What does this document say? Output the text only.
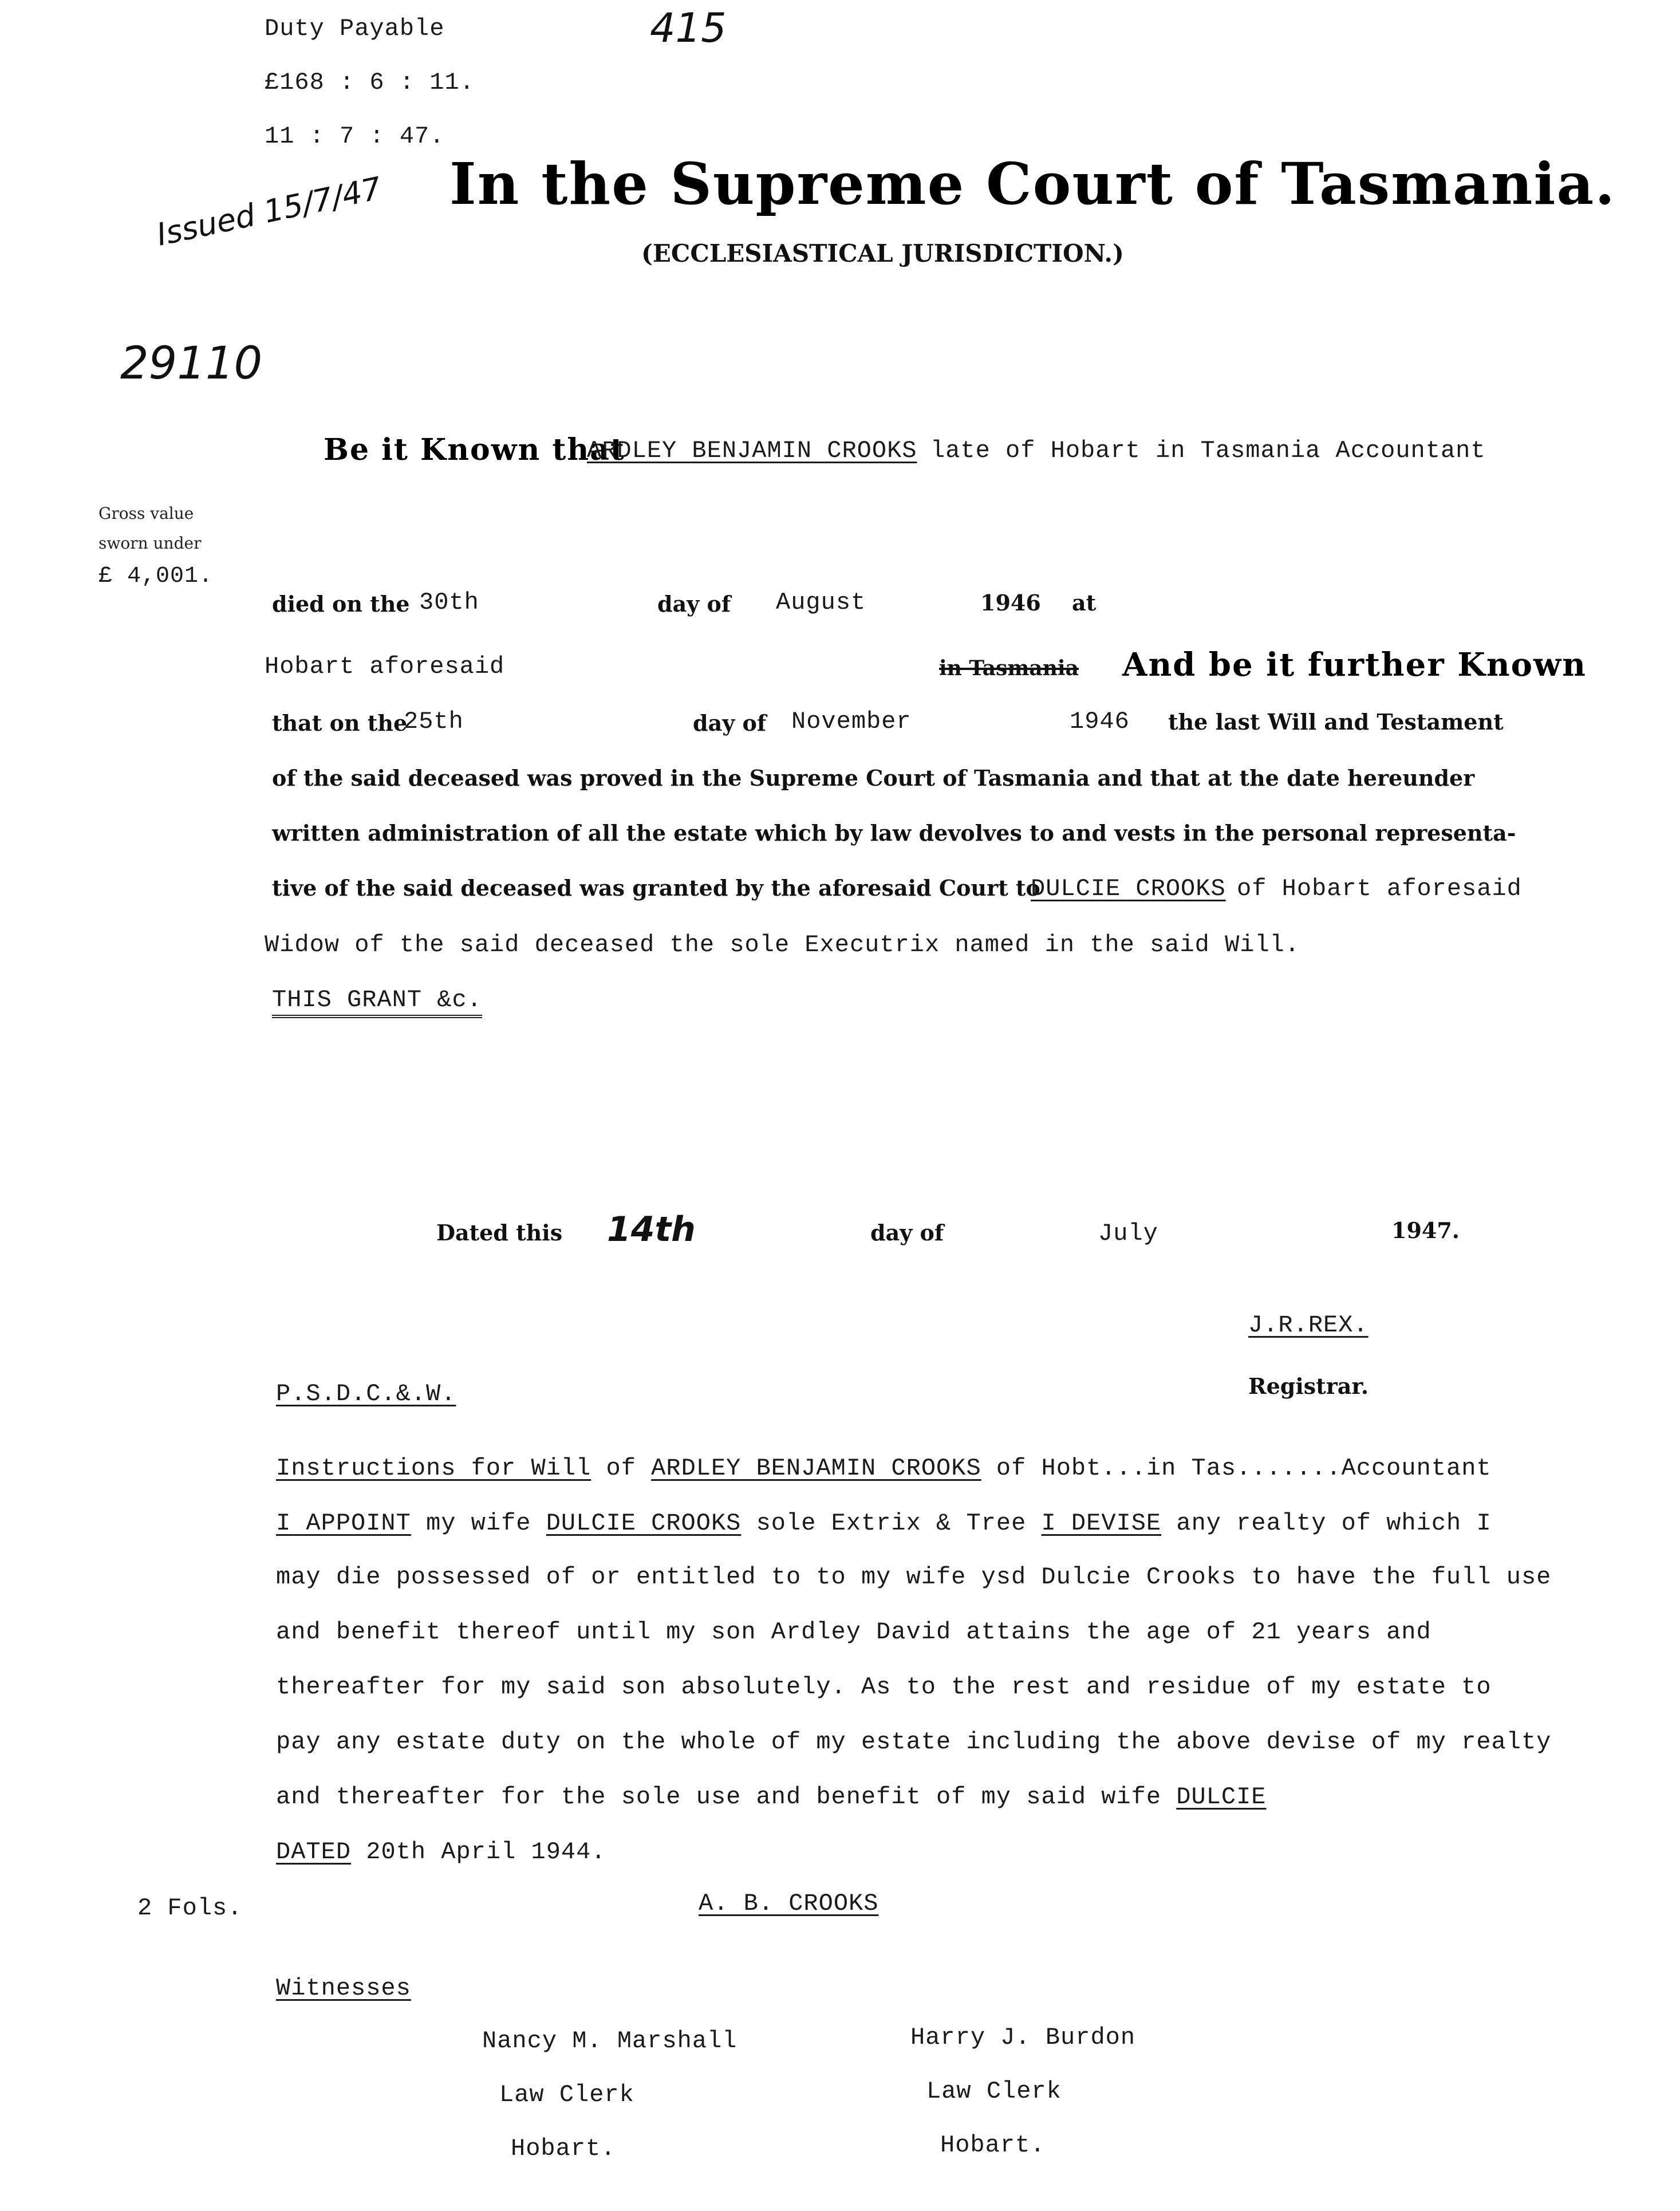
Duty Payable
£168 : 6 : 11.
11 : 7 : 47.
415
In the Supreme Court of Tasmania.
(ECCLESIASTICAL JURISDICTION.)
Issued 15/7/47
29110
Gross value
sworn under
£ 4,001.
Be it Known that
ARDLEY BENJAMIN CROOKS late of Hobart in Tasmania Accountant
died on the 30th	day of August	1946 at
Hobart aforesaid	in Tasmania And be it further Known
that on the
25th	day of November	1946 the last Will and Testament
of the said deceased was proved in the Supreme Court of Tasmania and that at the date hereunder
written administration of all the estate which by law devolves to and vests in the personal representa-
tive of the said deceased was granted by the aforesaid Court to
DULCIE CROOKS of Hobart aforesaid
Widow of the said deceased the sole Executrix named in the said Will.
THIS GRANT &c.
Dated this 14th	day of	July	1947.
J.R.REX.
Registrar.
P.S.D.C.&.W.
Instructions for Will of ARDLEY BENJAMIN CROOKS of Hobt...in Tas.......Accountant
I APPOINT my wife DULCIE CROOKS sole Extrix & Tree I DEVISE any realty of which I
may die possessed of or entitled to to my wife ysd Dulcie Crooks to have the full use
and benefit thereof until my son Ardley David attains the age of 21 years and
thereafter for my said son absolutely. As to the rest and residue of my estate to
pay any estate duty on the whole of my estate including the above devise of my realty
and thereafter for the sole use and benefit of my said wife DULCIE
DATED 20th April 1944.
2 Fols.	A. B. CROOKS
Witnesses
Nancy M. Marshall
Law Clerk
Hobart.
Harry J. Burdon
Law Clerk
Hobart.
